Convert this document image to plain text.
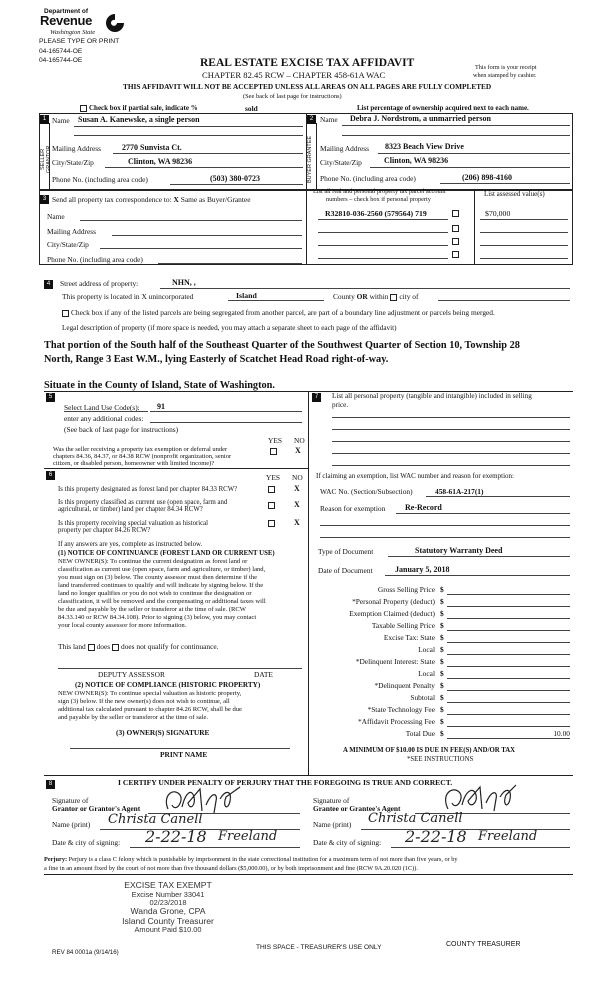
Department of
Revenue
Washington State
PLEASE TYPE OR PRINT
04-165744-OE
04-165744-OE	REAL ESTATE EXCISE TAX AFFIDAVIT
CHAPTER 82.45 RCW – CHAPTER 458-61A WAC
THIS AFFIDAVIT WILL NOT BE ACCEPTED UNLESS ALL AREAS ON ALL PAGES ARE FULLY COMPLETED
(See back of last page for instructions)
This form is your receipt
when stamped by cashier.
Check box if partial sale, indicate %	sold	List percentage of ownership acquired next to each name.
1
SELLER GRANTOR
Name Susan A. Kanewske, a single person
Mailing Address	2770 Sunvista Ct.
City/State/Zip	Clinton, WA 98236
Phone No. (including area code)	(503) 380-0723
2
BUYER GRANTEE
Name Debra J. Nordstrom, a unmarried person
Mailing Address 8323 Beach View Drive
City/State/Zip	Clinton, WA 98236
Phone No. (including area code)	(206) 898-4160
3 Send all property tax correspondence to: X Same as Buyer/Grantee
Name
Mailing Address
City/State/Zip
Phone No. (including area code)
List all real and personal property tax parcel account
numbers – check box if personal property
List assessed value(s)
R32810-036-2560 (579564) 719	$70,000
4	Street address of property:	NHN, ,
This property is located in X unincorporated	Island	County OR within city of
Check box if any of the listed parcels are being segregated from another parcel, are part of a boundary line adjustment or parcels being merged.
Legal description of property (if more space is needed, you may attach a separate sheet to each page of the affidavit)
That portion of the South half of the Southeast Quarter of the Southwest Quarter of Section 10, Township 28
North, Range 3 East W.M., lying Easterly of Scatchet Head Road right-of-way.
Situate in the County of Island, State of Washington.
5
Select Land Use Code(s): 91
enter any additional codes:
(See back of last page for instructions)
YES NO
Was the seller receiving a property tax exemption or deferral under
chapters 84.36, 84.37, or 84.38 RCW (nonprofit organization, senior
citizen, or disabled person, homeowner with limited income)?
X
6	YES NO
Is this property designated as forest land per chapter 84.33 RCW?	X
Is this property classified as current use (open space, farm and
agricultural, or timber) land per chapter 84.34 RCW?
X
Is this property receiving special valuation as historical
property per chapter 84.26 RCW?
X
If any answers are yes, complete as instructed below.
(1) NOTICE OF CONTINUANCE (FOREST LAND OR CURRENT USE)
NEW OWNER(S): To continue the current designation as forest land or
classification as current use (open space, farm and agriculture, or timber) land,
you must sign on (3) below. The county assessor must then determine if the
land transferred continues to qualify and will indicate by signing below. If the
land no longer qualifies or you do not wish to continue the designation or
classification, it will be removed and the compensating or additional taxes will
be due and payable by the seller or transferor at the time of sale. (RCW
84.33.140 or RCW 84.34.108). Prior to signing (3) below, you may contact
your local county assessor for more information.
This land does does not qualify for continuance.
DEPUTY ASSESSOR	DATE
(2) NOTICE OF COMPLIANCE (HISTORIC PROPERTY)
NEW OWNER(S): To continue special valuation as historic property,
sign (3) below. If the new owner(s) does not wish to continue, all
additional tax calculated pursuant to chapter 84.26 RCW, shall be due
and payable by the seller or transferor at the time of sale.
(3) OWNER(S) SIGNATURE
PRINT NAME
7	List all personal property (tangible and intangible) included in selling
price.
If claiming an exemption, list WAC number and reason for exemption:
WAC No. (Section/Subsection)	458-61A-217(1)
Reason for exemption Re-Record
Type of Document	Statutory Warranty Deed
Date of Document	January 5, 2018
Gross Selling Price $
*Personal Property (deduct) $
Exemption Claimed (deduct) $
Taxable Selling Price $
Excise Tax: State $
Local $
*Delinquent Interest: State $
Local $
*Delinquent Penalty $
Subtotal $
*State Technology Fee $
*Affidavit Processing Fee $
Total Due $	10.00
A MINIMUM OF $10.00 IS DUE IN FEE(S) AND/OR TAX
*SEE INSTRUCTIONS
8	I CERTIFY UNDER PENALTY OF PERJURY THAT THE FOREGOING IS TRUE AND CORRECT.
Signature of
Grantor or Grantor's Agent
Name (print) Christa Canell
Date & city of signing: 2-22-18 Freeland
Signature of
Grantee or Grantee's Agent
Name (print) Christa Canell
Date & city of signing: 2-22-18 Freeland
Perjury: Perjury is a class C felony which is punishable by imprisonment in the state correctional institution for a maximum term of not more than five years, or by
a fine in an amount fixed by the court of not more than five thousand dollars ($5,000.00), or by both imprisonment and fine (RCW 9A.20.020 (1C)).
EXCISE TAX EXEMPT
Excise Number 33041
02/23/2018
Wanda Grone, CPA
Island County Treasurer
Amount Paid $10.00
REV 84 0001a (9/14/16)
THIS SPACE - TREASURER'S USE ONLY	COUNTY TREASURER
